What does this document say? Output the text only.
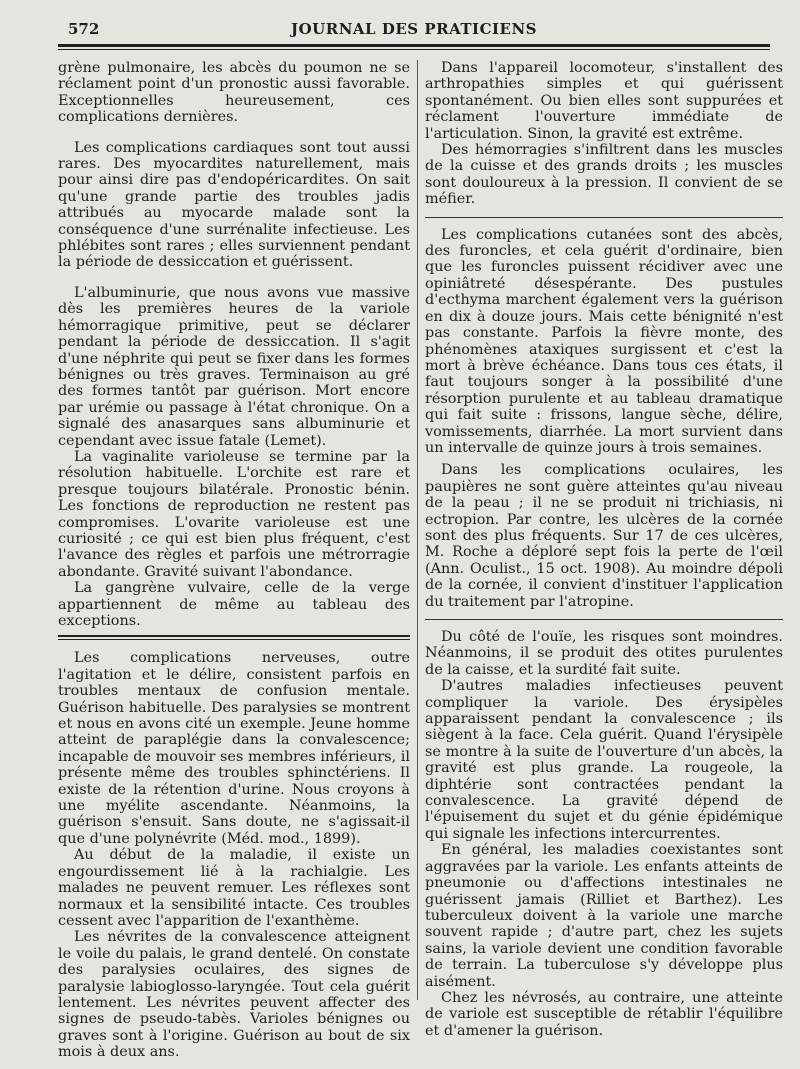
572	JOURNAL DES PRATICIENS

grène pulmonaire, les abcès du poumon ne se réclament point d'un pronostic aussi favorable. Exceptionnelles heureusement, ces complications dernières.

Les complications cardiaques sont tout aussi rares. Des myocardites naturellement, mais pour ainsi dire pas d'endopéricardites. On sait qu'une grande partie des troubles jadis attribués au myocarde malade sont la conséquence d'une surrénalite infectieuse. Les phlébites sont rares ; elles surviennent pendant la période de dessiccation et guérissent.

L'albuminurie, que nous avons vue massive dès les premières heures de la variole hémorragique primitive, peut se déclarer pendant la période de dessiccation. Il s'agit d'une néphrite qui peut se fixer dans les formes bénignes ou très graves. Terminaison au gré des formes tantôt par guérison. Mort encore par urémie ou passage à l'état chronique. On a signalé des anasarques sans albuminurie et cependant avec issue fatale (Lemet).

La vaginalite varioleuse se termine par la résolution habituelle. L'orchite est rare et presque toujours bilatérale. Pronostic bénin. Les fonctions de reproduction ne restent pas compromises. L'ovarite varioleuse est une curiosité ; ce qui est bien plus fréquent, c'est l'avance des règles et parfois une métrorragie abondante. Gravité suivant l'abondance.

La gangrène vulvaire, celle de la verge appartiennent de même au tableau des exceptions.

Les complications nerveuses, outre l'agitation et le délire, consistent parfois en troubles mentaux de confusion mentale. Guérison habituelle. Des paralysies se montrent et nous en avons cité un exemple. Jeune homme atteint de paraplégie dans la convalescence; incapable de mouvoir ses membres inférieurs, il présente même des troubles sphinctériens. Il existe de la rétention d'urine. Nous croyons à une myélite ascendante. Néanmoins, la guérison s'ensuit. Sans doute, ne s'agissait-il que d'une polynévrite (Méd. mod., 1899).

Au début de la maladie, il existe un engourdissement lié à la rachialgie. Les malades ne peuvent remuer. Les réflexes sont normaux et la sensibilité intacte. Ces troubles cessent avec l'apparition de l'exanthème.

Les névrites de la convalescence atteignent le voile du palais, le grand dentelé. On constate des paralysies oculaires, des signes de paralysie labioglosso-laryngée. Tout cela guérit lentement. Les névrites peuvent affecter des signes de pseudo-tabès. Varioles bénignes ou graves sont à l'origine. Guérison au bout de six mois à deux ans.

Dans l'appareil locomoteur, s'installent des arthropathies simples et qui guérissent spontanément. Ou bien elles sont suppurées et réclament l'ouverture immédiate de l'articulation. Sinon, la gravité est extrême.

Des hémorragies s'infiltrent dans les muscles de la cuisse et des grands droits ; les muscles sont douloureux à la pression. Il convient de se méfier.

Les complications cutanées sont des abcès, des furoncles, et cela guérit d'ordinaire, bien que les furoncles puissent récidiver avec une opiniâtreté désespérante. Des pustules d'ecthyma marchent également vers la guérison en dix à douze jours. Mais cette bénignité n'est pas constante. Parfois la fièvre monte, des phénomènes ataxiques surgissent et c'est la mort à brève échéance. Dans tous ces états, il faut toujours songer à la possibilité d'une résorption purulente et au tableau dramatique qui fait suite : frissons, langue sèche, délire, vomissements, diarrhée. La mort survient dans un intervalle de quinze jours à trois semaines.

Dans les complications oculaires, les paupières ne sont guère atteintes qu'au niveau de la peau ; il ne se produit ni trichiasis, ni ectropion. Par contre, les ulcères de la cornée sont des plus fréquents. Sur 17 de ces ulcères, M. Roche a déploré sept fois la perte de l'œil (Ann. Oculist., 15 oct. 1908). Au moindre dépoli de la cornée, il convient d'instituer l'application du traitement par l'atropine.

Du côté de l'ouïe, les risques sont moindres. Néanmoins, il se produit des otites purulentes de la caisse, et la surdité fait suite.

D'autres maladies infectieuses peuvent compliquer la variole. Des érysipèles apparaissent pendant la convalescence ; ils siègent à la face. Cela guérit. Quand l'érysipèle se montre à la suite de l'ouverture d'un abcès, la gravité est plus grande. La rougeole, la diphtérie sont contractées pendant la convalescence. La gravité dépend de l'épuisement du sujet et du génie épidémique qui signale les infections intercurrentes.

En général, les maladies coexistantes sont aggravées par la variole. Les enfants atteints de pneumonie ou d'affections intestinales ne guérissent jamais (Rilliet et Barthez). Les tuberculeux doivent à la variole une marche souvent rapide ; d'autre part, chez les sujets sains, la variole devient une condition favorable de terrain. La tuberculose s'y développe plus aisément.

Chez les névrosés, au contraire, une atteinte de variole est susceptible de rétablir l'équilibre et d'amener la guérison.
